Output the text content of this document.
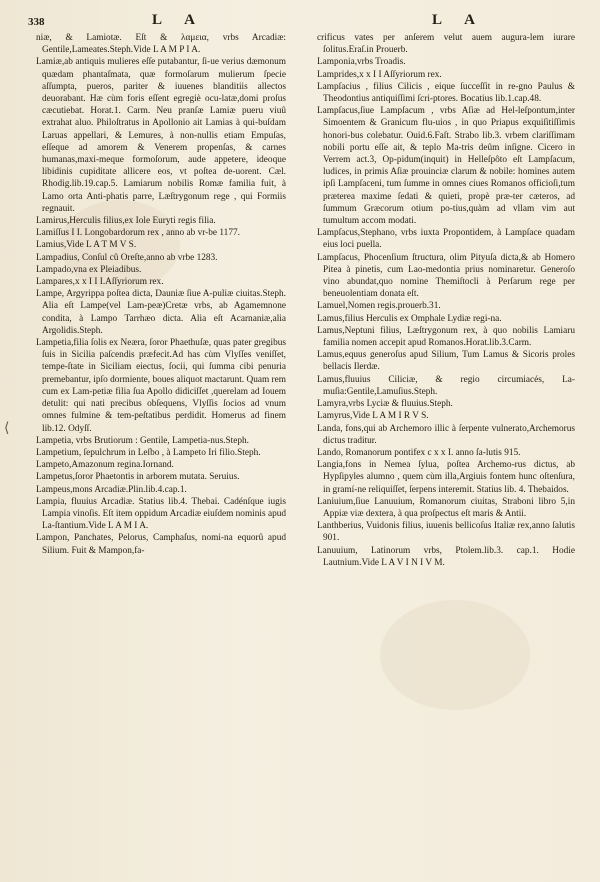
338	L A	L A
⟨

niæ, & Lamiotæ. Eſt & λαμεια, vrbs Arcadiæ: Gentile,Lameates.Steph.Vide L A M P I A.

Lamiæ,ab antiquis mulieres eſſe putabantur, ſi-ue verius dæmonum quædam phantaſmata, quæ formoſarum mulierum ſpecie aſſumpta, pueros, pariter & iuuenes blanditiis allectos deuorabant. Hæ cùm foris eſſent egregiè ocu-latæ,domi proſus cæcutiebat. Horat.1. Carm. Neu pranſæ Lamiæ pueru viuû extrahat aluo. Philoſtratus in Apollonio ait Lamias à qui-buſdam Laruas appellari, & Lemures, à non-nullis etiam Empuſas, eſſeque ad amorem & Venerem propenſas, & carnes humanas,maxi-meque formoſorum, aude appetere, ideoque libidinis cupiditate allicere eos, vt poſtea de-uorent. Cæl. Rhodig.lib.19.cap.5. Lamiarum nobilis Romæ familia fuit, à Lamo orta Anti-phatis parre, Læſtrygonum rege , qui Formiis regnauit.

Lamirus,Herculis filius,ex Iole Euryti regis filia.

Lamiſſus I I. Longobardorum rex , anno ab vr-be 1177.

Lamius,Vide L A T M V S.

Lampadius, Conſul cû Oreſte,anno ab vrbe 1283.

Lampado,vna ex Pleiadibus.

Lampares,x x I I I.Aſſyriorum rex.

Lampe, Argyrippa poſtea dicta, Dauniæ ſiue A-puliæ ciuitas.Steph. Alia eſt Lampe(vel Lam-peæ)Cretæ vrbs, ab Agamemnone condita, à Lampo Tarrhæo dicta. Alia eſt Acarnaniæ,alia Argolidis.Steph.

Lampetia,filia ſolis ex Neæra, ſoror Phaethuſæ, quas pater gregibus ſuis in Sicilia paſcendis præfecit.Ad has cùm Vlyſſes veniſſet, tempe-ſtate in Siciliam eiectus, ſocii, qui ſumma cibi penuria premebantur, ipſo dormiente, boues aliquot mactarunt. Quam rem cum ex Lam-petiæ filia ſua Apollo didiciſſet ,querelam ad Iouem detulit: qui nati precibus obſequens, Vlyſſis ſocios ad vnum omnes fulmine & tem-peſtatibus perdidit. Homerus ad finem lib.12. Odyſſ.

Lampetia, vrbs Brutiorum : Gentile, Lampetia-nus.Steph.

Lampetium, ſepulchrum in Leſbo , à Lampeto Iri filio.Steph.

Lampeto,Amazonum regina.Iornand.

Lampetus,ſoror Phaetontis in arborem mutata. Seruius.

Lampeus,mons Arcadiæ.Plin.lib.4.cap.1.

Lampia, fluuius Arcadiæ. Statius lib.4. Thebai. Cadénſque iugis Lampia vinoſis. Eſt item oppidum Arcadiæ eiuſdem nominis apud La-ſtantium.Vide L A M I A.

Lampon, Panchates, Pelorus, Camphaſus, nomi-na equorû apud Silium. Fuit & Mampon,fa-

crificus vates per anſerem velut auem augura-lem iurare ſolitus.Eraſ.in Prouerb.

Lamponia,vrbs Troadis.

Lamprides,x x I I Aſſyriorum rex.

Lampſacius , filius Cilicis , eique ſucceſſit in re-gno Paulus & Theodontius antiquiſſimi ſcri-ptores. Bocatius lib.1.cap.48.

Lampſacus,ſiue Lampſacum , vrbs Aſiæ ad Hel-leſpontum,inter Simoentem & Granicum flu-uios , in quo Priapus exquiſitiſſimis honori-bus colebatur. Ouid.6.Faſt. Strabo lib.3. vrbem clariſſimam nobili portu eſſe ait, & teplo Ma-tris deûm inſigne. Cicero in Verrem act.3, Op-pidum(inquit) in Helleſpôto eſt Lampſacum, ludices, in primis Aſiæ prouinciæ clarum & nobile: homines autem ipſi Lampſaceni, tum ſumme in omnes ciues Romanos officioſi,tum præterea maxime ſedati & quieti, propè præ-ter cæteros, ad ſummum Græcorum otium po-tius,quàm ad vllam vim aut tumultum accom modati.

Lampſacus,Stephano, vrbs iuxta Propontidem, à Lampſace quadam eius loci puella.

Lampſacus, Phocenſium ſtructura, olim Pityuſa dicta,& ab Homero Pitea à pinetis, cum Lao-medontia prius nominaretur. Generoſo vino abundat,quo nomine Themiſtocli à Perſarum rege per beneuolentiam donata eſt.

Lamuel,Nomen regis.prouerb.31.

Lamus,filius Herculis ex Omphale Lydiæ regi-na.

Lamus,Neptuni filius, Læſtrygonum rex, à quo nobilis Lamiaru familia nomen accepit apud Romanos.Horat.lib.3.Carm.

Lamus,equus generoſus apud Silium, Tum Lamus & Sicoris proles bellacis Ilerdæ.

Lamus,fluuius Ciliciæ, & regio circumiacés, La-muſia:Gentile,Lamuſius.Steph.

Lamyra,vrbs Lyciæ & fluuius.Steph.

Lamyrus,Vide L A M I R V S.

Landa, fons,qui ab Archemoro illic à ſerpente vulnerato,Archemorus dictus traditur.

Lando, Romanorum pontifex c x x I. anno ſa-lutis 915.

Langia,fons in Nemea ſylua, poſtea Archemo-rus dictus, ab Hypſipyles alumno , quem cùm illa,Argiuis fontem hunc oſtenſura, in gramí-ne reliquiſſet, ſerpens interemit. Statius lib. 4. Thebaidos.

Laniuium,ſiue Lanuuium, Romanorum ciuitas, Straboni libro 5,in Appiæ viæ dextera, à qua proſpectus eſt maris & Antii.

Lanthberius, Vuidonis filius, iuuenis bellicoſus Italiæ rex,anno ſalutis 901.

Lanuuium, Latinorum vrbs, Ptolem.lib.3. cap.1. Hodie Lautnium.Vide L A V I N I V M.
